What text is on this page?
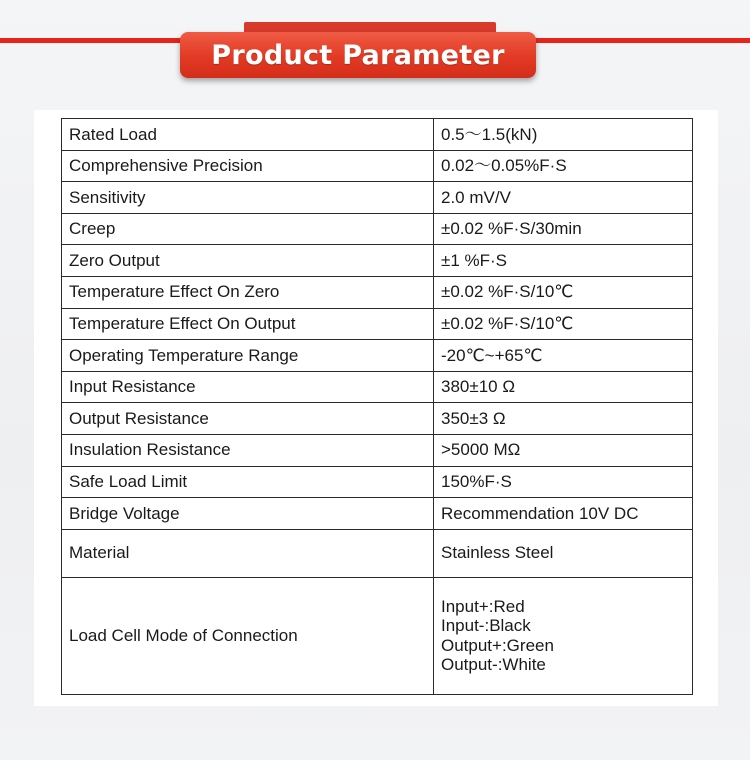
Product Parameter
Rated Load	0.5～1.5(kN)
Comprehensive Precision	0.02～0.05%F·S
Sensitivity	2.0 mV/V
Creep	±0.02 %F·S/30min
Zero Output	±1 %F·S
Temperature Effect On Zero	±0.02 %F·S/10℃
Temperature Effect On Output	±0.02 %F·S/10℃
Operating Temperature Range	-20℃~+65℃
Input Resistance	380±10 Ω
Output Resistance	350±3 Ω
Insulation Resistance	>5000 MΩ
Safe Load Limit	150%F·S
Bridge Voltage	Recommendation 10V DC
Material	Stainless Steel
Load Cell Mode of Connection	Input+:Red
Input-:Black
Output+:Green
Output-:White
